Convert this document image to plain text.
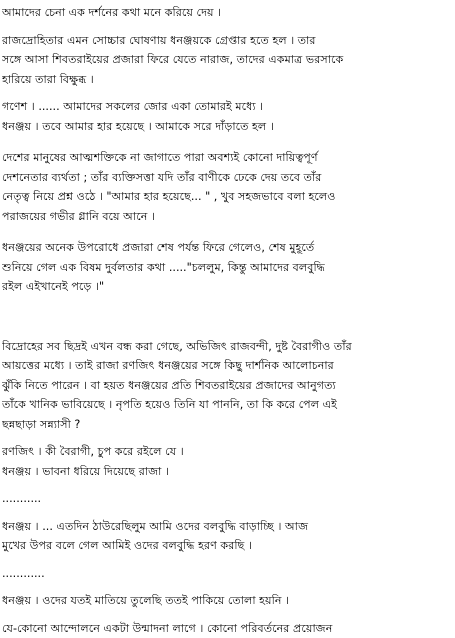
আমাদের চেনা এক দর্শনের কথা মনে করিয়ে দেয় ।

রাজদ্রোহিতার এমন সোচ্চার ঘোষণায় ধনঞ্জয়কে গ্রেপ্তার হতে হল । তার
সঙ্গে আসা শিবতরাইয়ের প্রজারা ফিরে যেতে নারাজ, তাদের একমাত্র ভরসাকে
হারিয়ে তারা বিক্ষুব্ধ ।

গণেশ । ...... আমাদের সকলের জোর একা তোমারই মধ্যে ।
ধনঞ্জয় । তবে আমার হার হয়েছে । আমাকে সরে দাঁড়াতে হল ।

দেশের মানুষের আত্মশক্তিকে না জাগাতে পারা অবশ্যই কোনো দায়িত্বপূর্ণ
দেশনেতার ব্যর্থতা ; তাঁর ব্যক্তিসত্তা যদি তাঁর বাণীকে ঢেকে দেয় তবে তাঁর
নেতৃত্ব নিয়ে প্রশ্ন ওঠে । "আমার হার হয়েছে... " , খুব সহজভাবে বলা হলেও
পরাজয়ের গভীর গ্লানি বয়ে আনে ।

ধনঞ্জয়ের অনেক উপরোধে প্রজারা শেষ পর্যন্ত ফিরে গেলেও, শেষ মুহূর্তে
শুনিয়ে গেল এক বিষম দুর্বলতার কথা ....."চললুম, কিন্তু আমাদের বলবুদ্ধি
রইল এইখানেই পড়ে ।"

বিদ্রোহের সব ছিদ্রই এখন বন্ধ করা গেছে, অভিজিৎ রাজবন্দী, দুষ্ট বৈরাগীও তাঁর
আয়ত্তের মধ্যে । তাই রাজা রণজিৎ ধনঞ্জয়ের সঙ্গে কিছু দার্শনিক আলোচনার
ঝুঁকি নিতে পারেন । বা হয়ত ধনঞ্জয়ের প্রতি শিবতরাইয়ের প্রজাদের আনুগত্য
তাঁকে খানিক ভাবিয়েছে । নৃপতি হয়েও তিনি যা পাননি, তা কি করে পেল এই
ছন্নছাড়া সন্ন্যাসী ?

রণজিৎ । কী বৈরাগী, চুপ করে রইলে যে ।
ধনঞ্জয় । ভাবনা ধরিয়ে দিয়েছে রাজা ।

...........

ধনঞ্জয় । ... এতদিন ঠাউরেছিলুম আমি ওদের বলবুদ্ধি বাড়াচ্ছি । আজ
মুখের উপর বলে গেল আমিই ওদের বলবুদ্ধি হরণ করছি ।

............

ধনঞ্জয় । ওদের যতই মাতিয়ে তুলেছি ততই পাকিয়ে তোলা হয়নি ।

যে-কোনো আন্দোলনে একটা উন্মাদনা লাগে । কোনো পরিবর্তনের প্রয়োজন
